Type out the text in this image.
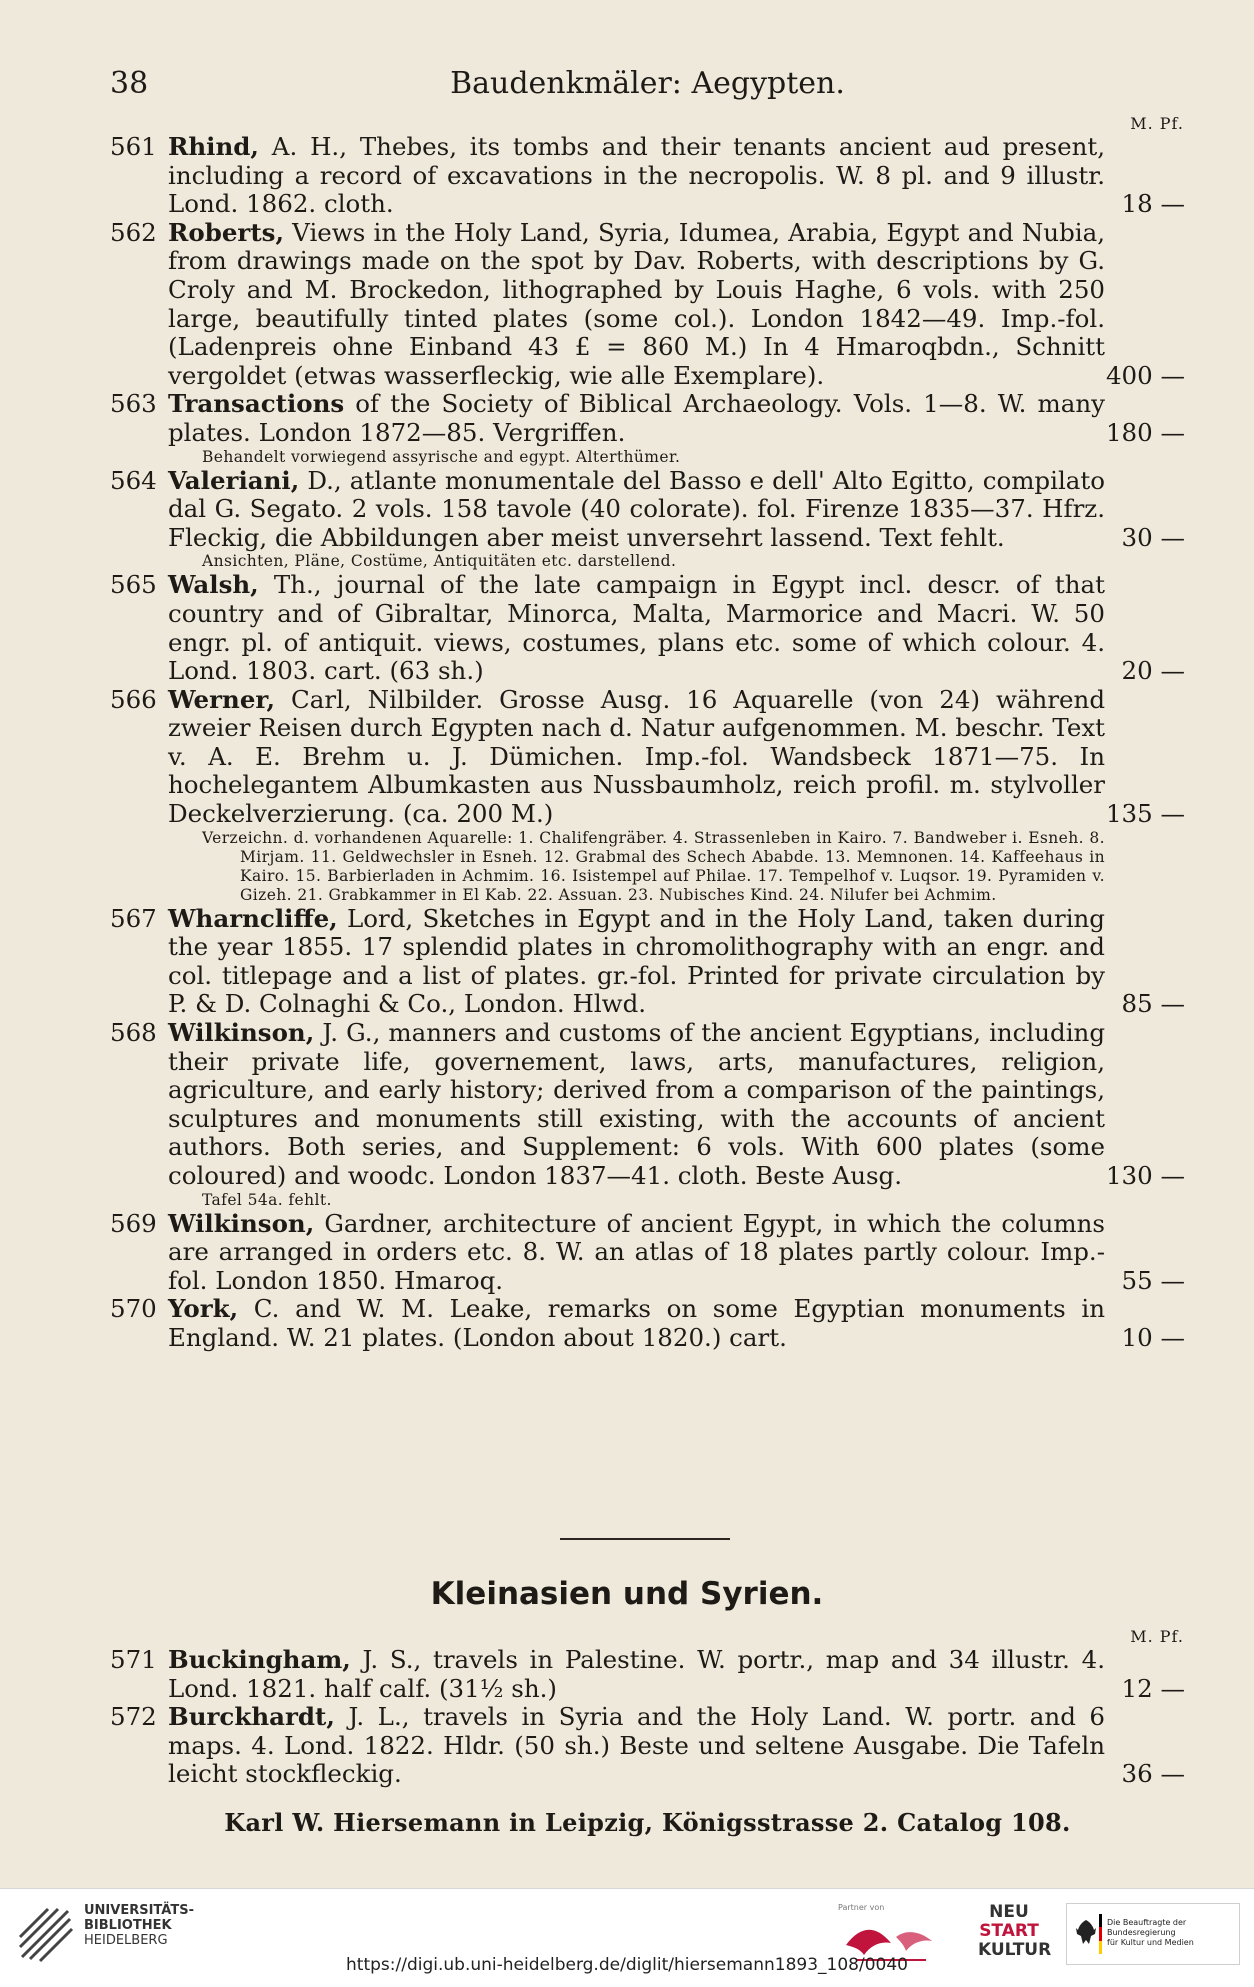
38	Baudenkmäler: Aegypten.
M. Pf.
561 Rhind, A. H., Thebes, its tombs and their tenants ancient aud present, including a record of excavations in the necropolis. W. 8 pl. and 9 illustr. Lond. 1862. cloth.	18 —
562 Roberts, Views in the Holy Land, Syria, Idumea, Arabia, Egypt and Nubia, from drawings made on the spot by Dav. Roberts, with descriptions by G. Croly and M. Brockedon, lithographed by Louis Haghe, 6 vols. with 250 large, beautifully tinted plates (some col.). London 1842—49. Imp.-fol. (Ladenpreis ohne Einband 43 £ = 860 M.) In 4 Hmaroqbdn., Schnitt vergoldet (etwas wasserfleckig, wie alle Exemplare).	400 —
563 Transactions of the Society of Biblical Archaeology. Vols. 1—8. W. many plates. London 1872—85. Vergriffen.	180 —
Behandelt vorwiegend assyrische and egypt. Alterthümer.
564 Valeriani, D., atlante monumentale del Basso e dell' Alto Egitto, compilato dal G. Segato. 2 vols. 158 tavole (40 colorate). fol. Firenze 1835—37. Hfrz. Fleckig, die Abbildungen aber meist unversehrt lassend. Text fehlt.	30 —
Ansichten, Pläne, Costüme, Antiquitäten etc. darstellend.
565 Walsh, Th., journal of the late campaign in Egypt incl. descr. of that country and of Gibraltar, Minorca, Malta, Marmorice and Macri. W. 50 engr. pl. of antiquit. views, costumes, plans etc. some of which colour. 4. Lond. 1803. cart. (63 sh.)	20 —
566 Werner, Carl, Nilbilder. Grosse Ausg. 16 Aquarelle (von 24) während zweier Reisen durch Egypten nach d. Natur aufgenommen. M. beschr. Text v. A. E. Brehm u. J. Dümichen. Imp.-fol. Wandsbeck 1871—75. In hochelegantem Albumkasten aus Nussbaumholz, reich profil. m. stylvoller Deckelverzierung. (ca. 200 M.)	135 —
Verzeichn. d. vorhandenen Aquarelle: 1. Chalifengräber. 4. Strassenleben in Kairo. 7. Bandweber i. Esneh. 8. Mirjam. 11. Geldwechsler in Esneh. 12. Grabmal des Schech Ababde. 13. Memnonen. 14. Kaffeehaus in Kairo. 15. Barbierladen in Achmim. 16. Isistempel auf Philae. 17. Tempelhof v. Luqsor. 19. Pyramiden v. Gizeh. 21. Grabkammer in El Kab. 22. Assuan. 23. Nubisches Kind. 24. Nilufer bei Achmim.
567 Wharncliffe, Lord, Sketches in Egypt and in the Holy Land, taken during the year 1855. 17 splendid plates in chromolithography with an engr. and col. titlepage and a list of plates. gr.-fol. Printed for private circulation by P. & D. Colnaghi & Co., London. Hlwd.	85 —
568 Wilkinson, J. G., manners and customs of the ancient Egyptians, including their private life, governement, laws, arts, manufactures, religion, agriculture, and early history; derived from a comparison of the paintings, sculptures and monuments still existing, with the accounts of ancient authors. Both series, and Supplement: 6 vols. With 600 plates (some coloured) and woodc. London 1837—41. cloth. Beste Ausg.	130 —
Tafel 54a. fehlt.
569 Wilkinson, Gardner, architecture of ancient Egypt, in which the columns are arranged in orders etc. 8. W. an atlas of 18 plates partly colour. Imp.-fol. London 1850. Hmaroq.	55 —
570 York, C. and W. M. Leake, remarks on some Egyptian monuments in England. W. 21 plates. (London about 1820.) cart.	10 —
Kleinasien und Syrien.
M. Pf.
571 Buckingham, J. S., travels in Palestine. W. portr., map and 34 illustr. 4. Lond. 1821. half calf. (31½ sh.)	12 —
572 Burckhardt, J. L., travels in Syria and the Holy Land. W. portr. and 6 maps. 4. Lond. 1822. Hldr. (50 sh.) Beste und seltene Ausgabe. Die Tafeln leicht stockfleckig.	36 —
Karl W. Hiersemann in Leipzig, Königsstrasse 2. Catalog 108.
UNIVERSITÄTS-
BIBLIOTHEK
HEIDELBERG
Partner von	NEU
START
KULTUR
Die Beauftragte der Bundesregierung
für Kultur und Medien
https://digi.ub.uni-heidelberg.de/diglit/hiersemann1893_108/0040
